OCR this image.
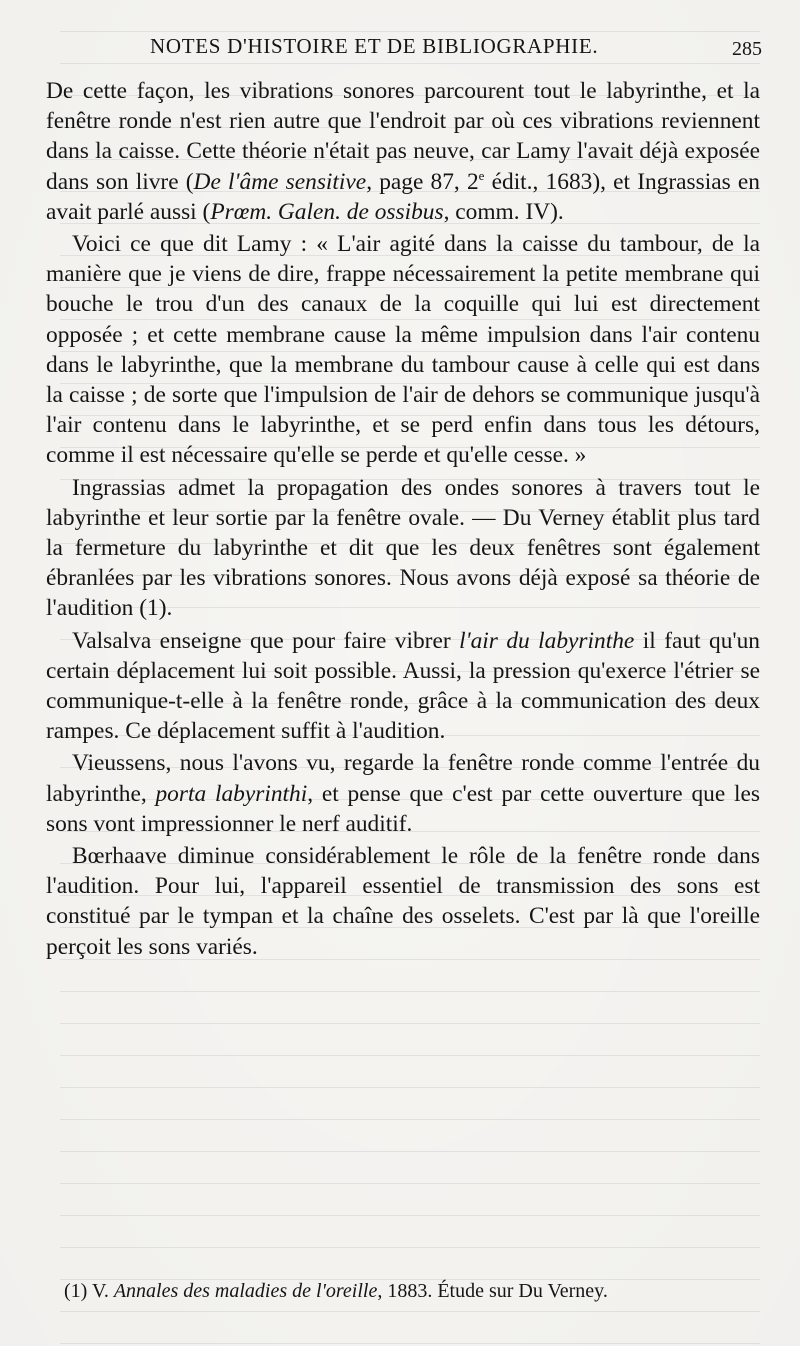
NOTES D'HISTOIRE ET DE BIBLIOGRAPHIE.	285

De cette façon, les vibrations sonores parcourent tout le labyrinthe, et la fenêtre ronde n'est rien autre que l'endroit par où ces vibrations reviennent dans la caisse. Cette théorie n'était pas neuve, car Lamy l'avait déjà exposée dans son livre (De l'âme sensitive, page 87, 2e édit., 1683), et Ingrassias en avait parlé aussi (Prœm. Galen. de ossibus, comm. IV).

Voici ce que dit Lamy : « L'air agité dans la caisse du tambour, de la manière que je viens de dire, frappe nécessairement la petite membrane qui bouche le trou d'un des canaux de la coquille qui lui est directement opposée ; et cette membrane cause la même impulsion dans l'air contenu dans le labyrinthe, que la membrane du tambour cause à celle qui est dans la caisse ; de sorte que l'impulsion de l'air de dehors se communique jusqu'à l'air contenu dans le labyrinthe, et se perd enfin dans tous les détours, comme il est nécessaire qu'elle se perde et qu'elle cesse. »

Ingrassias admet la propagation des ondes sonores à travers tout le labyrinthe et leur sortie par la fenêtre ovale. — Du Verney établit plus tard la fermeture du labyrinthe et dit que les deux fenêtres sont également ébranlées par les vibrations sonores. Nous avons déjà exposé sa théorie de l'audition (1).

Valsalva enseigne que pour faire vibrer l'air du labyrinthe il faut qu'un certain déplacement lui soit possible. Aussi, la pression qu'exerce l'étrier se communique-t-elle à la fenêtre ronde, grâce à la communication des deux rampes. Ce déplacement suffit à l'audition.

Vieussens, nous l'avons vu, regarde la fenêtre ronde comme l'entrée du labyrinthe, porta labyrinthi, et pense que c'est par cette ouverture que les sons vont impressionner le nerf auditif.

Bœrhaave diminue considérablement le rôle de la fenêtre ronde dans l'audition. Pour lui, l'appareil essentiel de transmission des sons est constitué par le tympan et la chaîne des osselets. C'est par là que l'oreille perçoit les sons variés.

(1) V. Annales des maladies de l'oreille, 1883. Étude sur Du Verney.
